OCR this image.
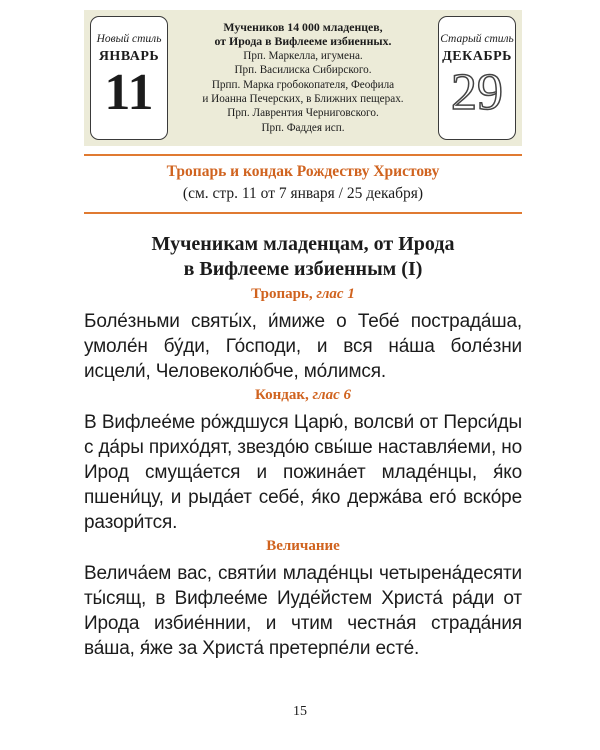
Новый стиль
ЯНВАРЬ
11
Мучеников 14 000 младенцев,
от Ирода в Вифлееме избиенных.
Прп. Маркелла, игумена.
Прп. Василиска Сибирского.
Прпп. Марка гробокопателя, Феофила
и Иоанна Печерских, в Ближних пещерах.
Прп. Лаврентия Черниговского.
Прп. Фаддея исп.
Старый стиль
ДЕКАБРЬ
29
Тропарь и кондак Рождеству Христову
(см. стр. 11 от 7 января / 25 декабря)
Мученикам младенцам, от Ирода
в Вифлееме избиенным (I)
Тропарь, глас 1
Боле́зньми святы́х, и́миже о Тебе́ пострада́ша, умоле́н бу́ди, Го́споди, и вся на́ша боле́зни исцели́, Человеколю́бче, мо́лимся.
Кондак, глас 6
В Вифлее́ме ро́ждшуся Царю́, волсви́ от Перси́ды с да́ры прихо́дят, звездо́ю свы́ше наставля́еми, но Ирод смуща́ется и пожина́ет младе́нцы, я́ко пшени́цу, и рыда́ет себе́, я́ко держа́ва его́ вско́ре разори́тся.
Величание
Велича́ем вас, святи́и младе́нцы четырена́десяти ты́сящ, в Вифлее́ме Иуде́йстем Христа́ ра́ди от Ирода избие́ннии, и чтим честна́я страда́ния ва́ша, я́же за Христа́ претерпе́ли есте́.
15
